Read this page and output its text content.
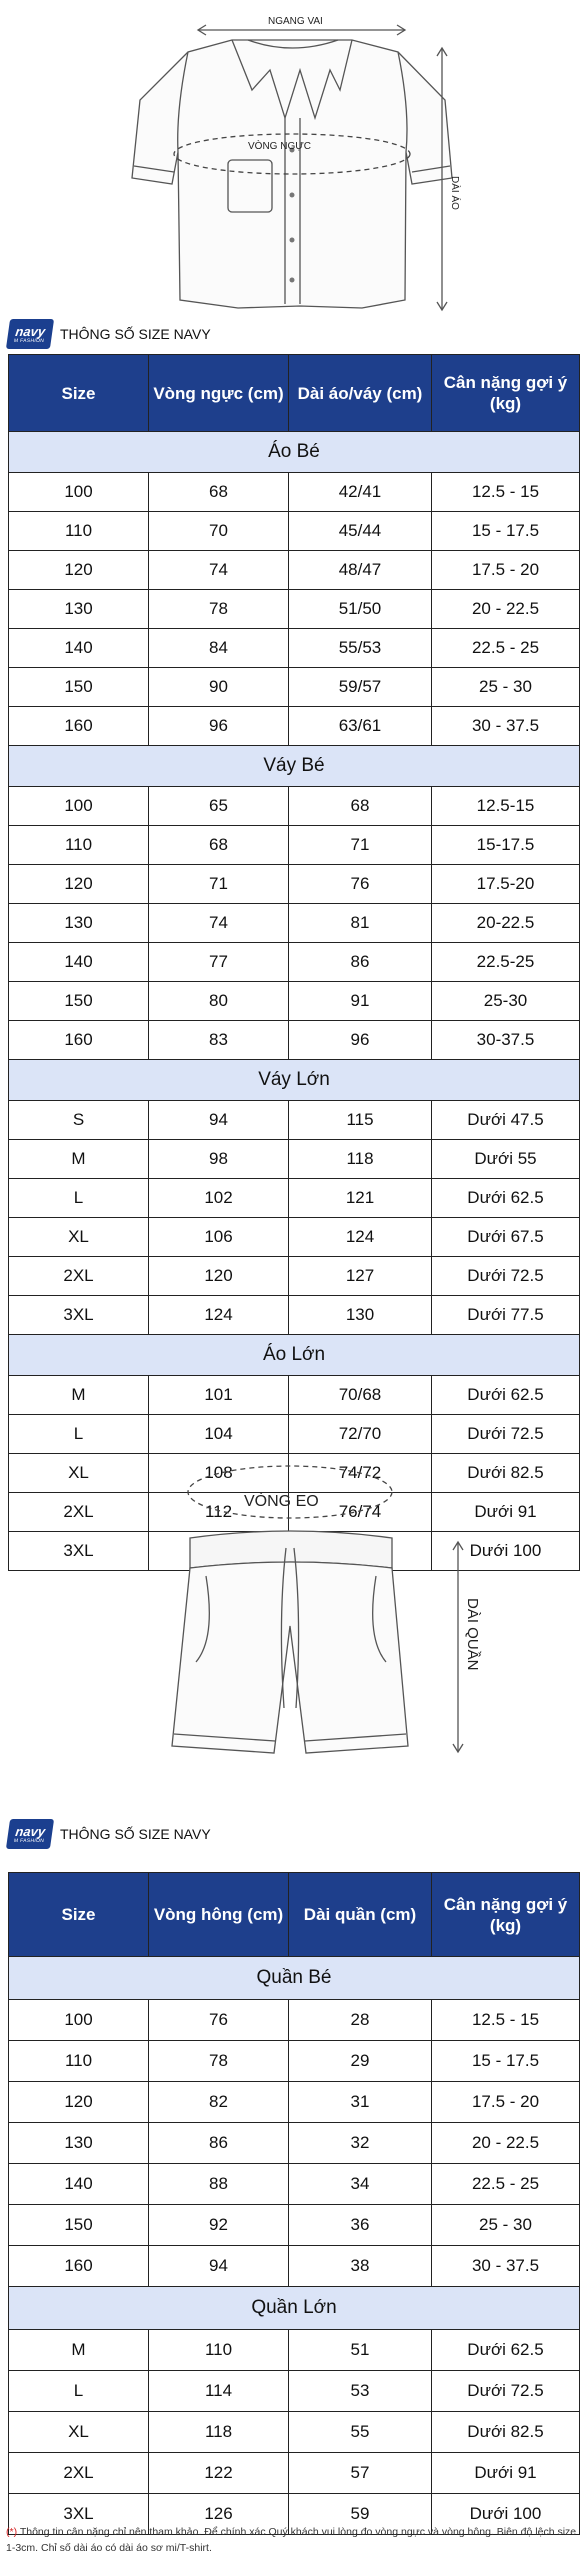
NGANG VAI
VÒNG NGỰC
DÀI ÁO
navy
M FASHION THÔNG SỐ SIZE NAVY
Size	Vòng ngực (cm)	Dài áo/váy (cm)	Cân nặng gợi ý (kg)
Áo Bé			
100	68	42/41	12.5 - 15
110	70	45/44	15 - 17.5
120	74	48/47	17.5 - 20
130	78	51/50	20 - 22.5
140	84	55/53	22.5 - 25
150	90	59/57	25 - 30
160	96	63/61	30 - 37.5
Váy Bé			
100	65	68	12.5-15
110	68	71	15-17.5
120	71	76	17.5-20
130	74	81	20-22.5
140	77	86	22.5-25
150	80	91	25-30
160	83	96	30-37.5
Váy Lớn			
S	94	115	Dưới 47.5
M	98	118	Dưới 55
L	102	121	Dưới 62.5
XL	106	124	Dưới 67.5
2XL	120	127	Dưới 72.5
3XL	124	130	Dưới 77.5
Áo Lớn			
M	101	70/68	Dưới 62.5
L	104	72/70	Dưới 72.5
XL	108	74/72	Dưới 82.5
2XL	112	76/74	Dưới 91
3XL			Dưới 100
VÒNG EO
DÀI QUẦN
navy
M FASHION THÔNG SỐ SIZE NAVY
Size	Vòng hông (cm)	Dài quần (cm)	Cân nặng gợi ý (kg)
Quần Bé			
100	76	28	12.5 - 15
110	78	29	15 - 17.5
120	82	31	17.5 - 20
130	86	32	20 - 22.5
140	88	34	22.5 - 25
150	92	36	25 - 30
160	94	38	30 - 37.5
Quần Lớn			
M	110	51	Dưới 62.5
L	114	53	Dưới 72.5
XL	118	55	Dưới 82.5
2XL	122	57	Dưới 91
3XL	126	59	Dưới 100
(*) Thông tin cân nặng chỉ nên tham khảo. Để chính xác Quý khách vui lòng đo vòng ngực và vòng hông. Biên độ lệch size 1-3cm. Chỉ số dài áo có dài áo sơ mi/T-shirt.
